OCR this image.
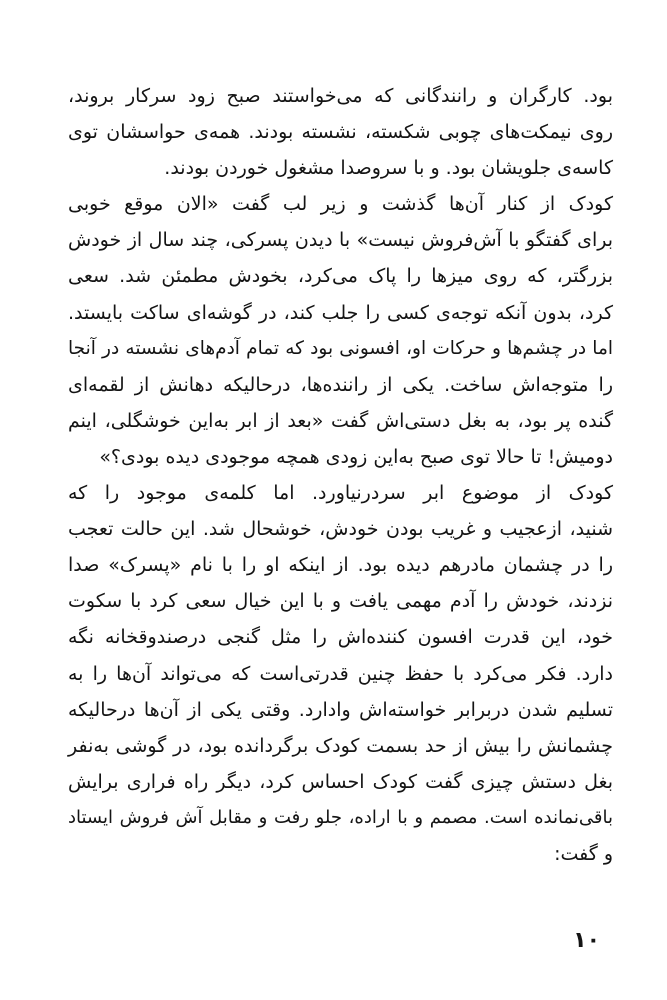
بود. کارگران و رانندگانی که می‌خواستند صبح زود سرکار بروند،
روی نیمکت‌های چوبی شکسته، نشسته بودند. همه‌ی حواسشان توی
کاسه‌ی جلویشان بود. و با سروصدا مشغول خوردن بودند.
کودک از کنار آن‌ها گذشت و زیر لب گفت «الان موقع خوبی
برای گفتگو با آش‌فروش نیست» با دیدن پسرکی، چند سال از خودش
بزرگتر، که روی میزها را پاک می‌کرد، بخودش مطمئن شد. سعی
کرد، بدون آنکه توجه‌ی کسی را جلب کند، در گوشه‌ای ساکت بایستد.
اما در چشم‌ها و حرکات او، افسونی بود که تمام آدم‌های نشسته در آنجا
را متوجه‌اش ساخت. یکی از راننده‌ها، درحالیکه دهانش از لقمه‌ای
گنده پر بود، به بغل دستی‌اش گفت «بعد از ابر به‌این خوشگلی، اینم
دومیش! تا حالا توی صبح به‌این زودی همچه موجودی دیده بودی؟»
کودک از موضوع ابر سردرنیاورد. اما کلمه‌ی موجود را که
شنید، ازعجیب و غریب بودن خودش، خوشحال شد. این حالت تعجب
را در چشمان مادرهم دیده بود. از اینکه او را با نام «پسرک» صدا
نزدند، خودش را آدم مهمی یافت و با این خیال سعی کرد با سکوت
خود، این قدرت افسون کننده‌اش را مثل گنجی درصندوقخانه نگه
دارد. فکر می‌کرد با حفظ چنین قدرتی‌است که می‌تواند آن‌ها را به
تسلیم شدن دربرابر خواسته‌اش وادارد. وقتی یکی از آن‌ها درحالیکه
چشمانش را بیش از حد بسمت کودک برگردانده بود، در گوشی به‌نفر
بغل دستش چیزی گفت کودک احساس کرد، دیگر راه فراری برایش
باقی‌نمانده است. مصمم و با اراده، جلو رفت و مقابل آش فروش ایستاد
و گفت:
۱۰
